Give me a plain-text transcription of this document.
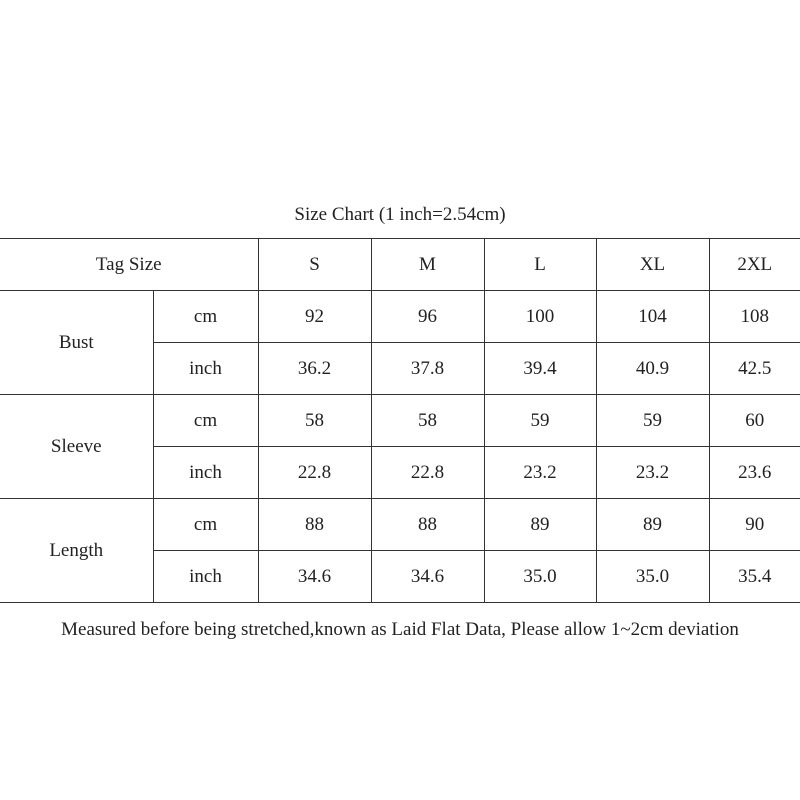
Size Chart (1 inch=2.54cm)
Tag Size		S	M	L	XL	2XL
Bust	cm	92	96	100	104	108
	inch	36.2	37.8	39.4	40.9	42.5
Sleeve	cm	58	58	59	59	60
	inch	22.8	22.8	23.2	23.2	23.6
Length	cm	88	88	89	89	90
	inch	34.6	34.6	35.0	35.0	35.4
Measured before being stretched,known as Laid Flat Data, Please allow 1~2cm deviation
